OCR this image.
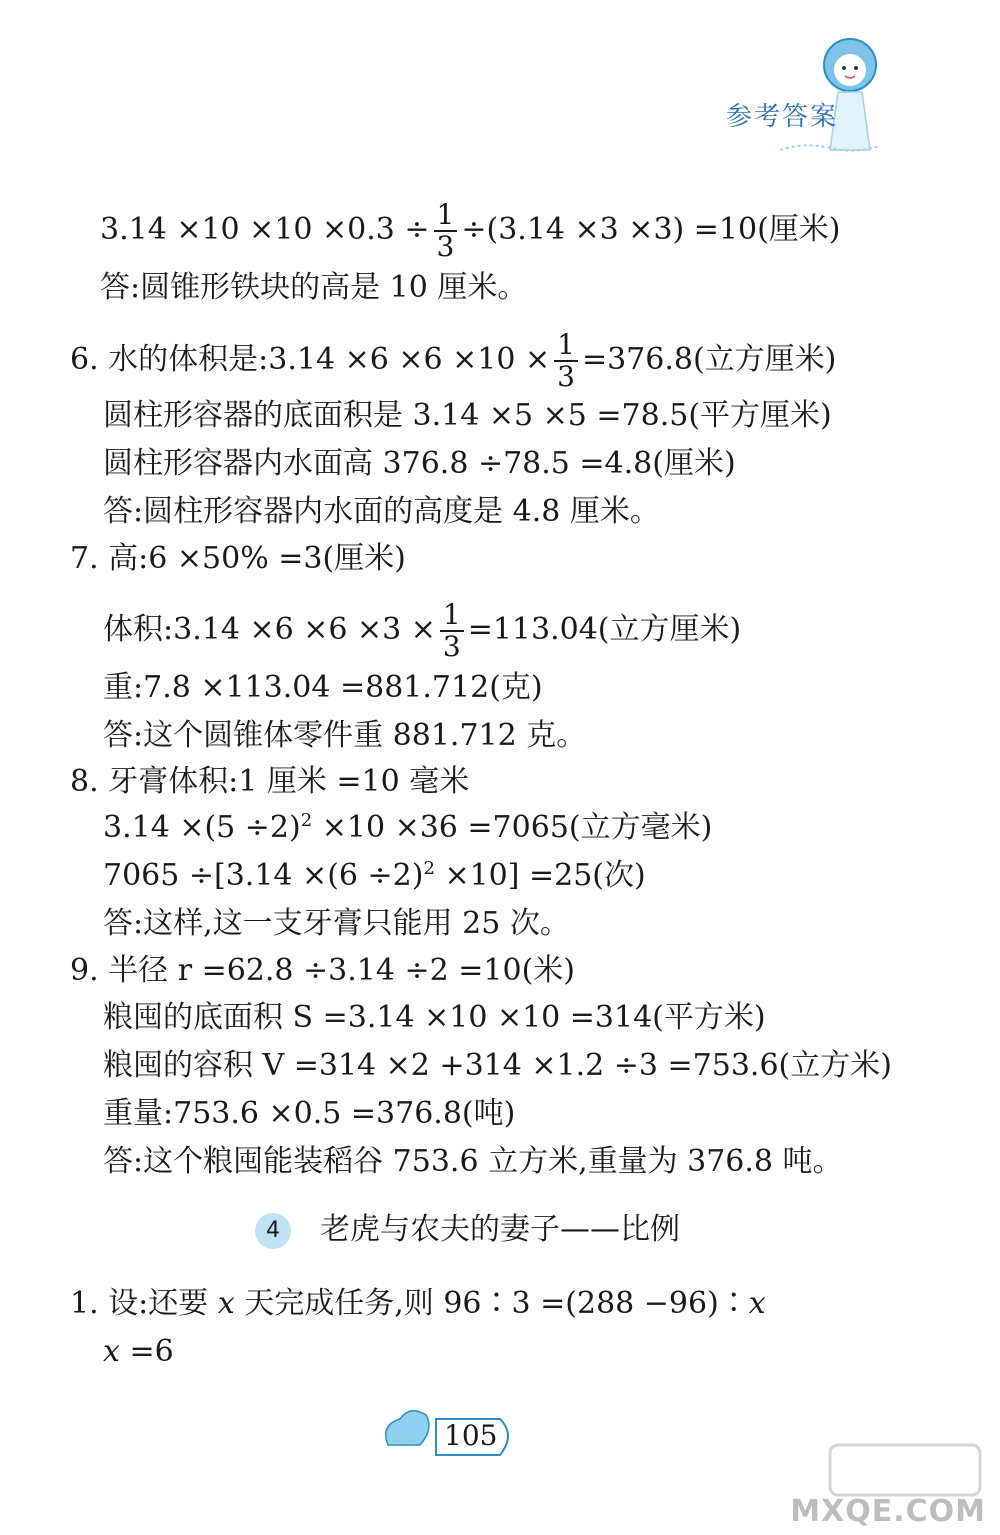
参考答案
$3.14 \times 10 \times 10 \times 0.3 \div \frac{1}{3} \div(3.14 \times 3 \times 3) =10$(厘米)
答:圆锥形铁块的高是 10 厘米。
6. 水的体积是:3.14 $\times 6 \times 6 \times 10 \times \frac{1}{3} =376.8$(立方厘米)
圆柱形容器的底面积是 3.14 ×5 ×5 =78.5(平方厘米)
圆柱形容器内水面高 376.8 ÷78.5 =4.8(厘米)
答:圆柱形容器内水面的高度是 4.8 厘米。
7. 高:6 ×50% =3(厘米)
体积:3.14 $\times 6 \times 6 \times 3 \times \frac{1}{3} =113.04$(立方厘米)
重:7.8 ×113.04 =881.712(克)
答:这个圆锥体零件重 881.712 克。
8. 牙膏体积:1 厘米 =10 毫米
$3.14 \times(5 \div 2)^2 \times 10 \times 36 =7065$(立方毫米)
$7065 \div[3.14 \times(6 \div 2)^2 \times 10] =25$(次)
答:这样,这一支牙膏只能用 25 次。
9. 半径 r =62.8 ÷3.14 ÷2 =10(米)
粮囤的底面积 S =3.14 ×10 ×10 =314(平方米)
粮囤的容积 V =314 ×2 +314 ×1.2 ÷3 =753.6(立方米)
重量:753.6 ×0.5 =376.8(吨)
答:这个粮囤能装稻谷 753.6 立方米,重量为 376.8 吨。
4	老虎与农夫的妻子——比例
1. 设:还要 x 天完成任务,则 96∶3 =(288 −96)∶x
x =6
105
MXQE.COM
